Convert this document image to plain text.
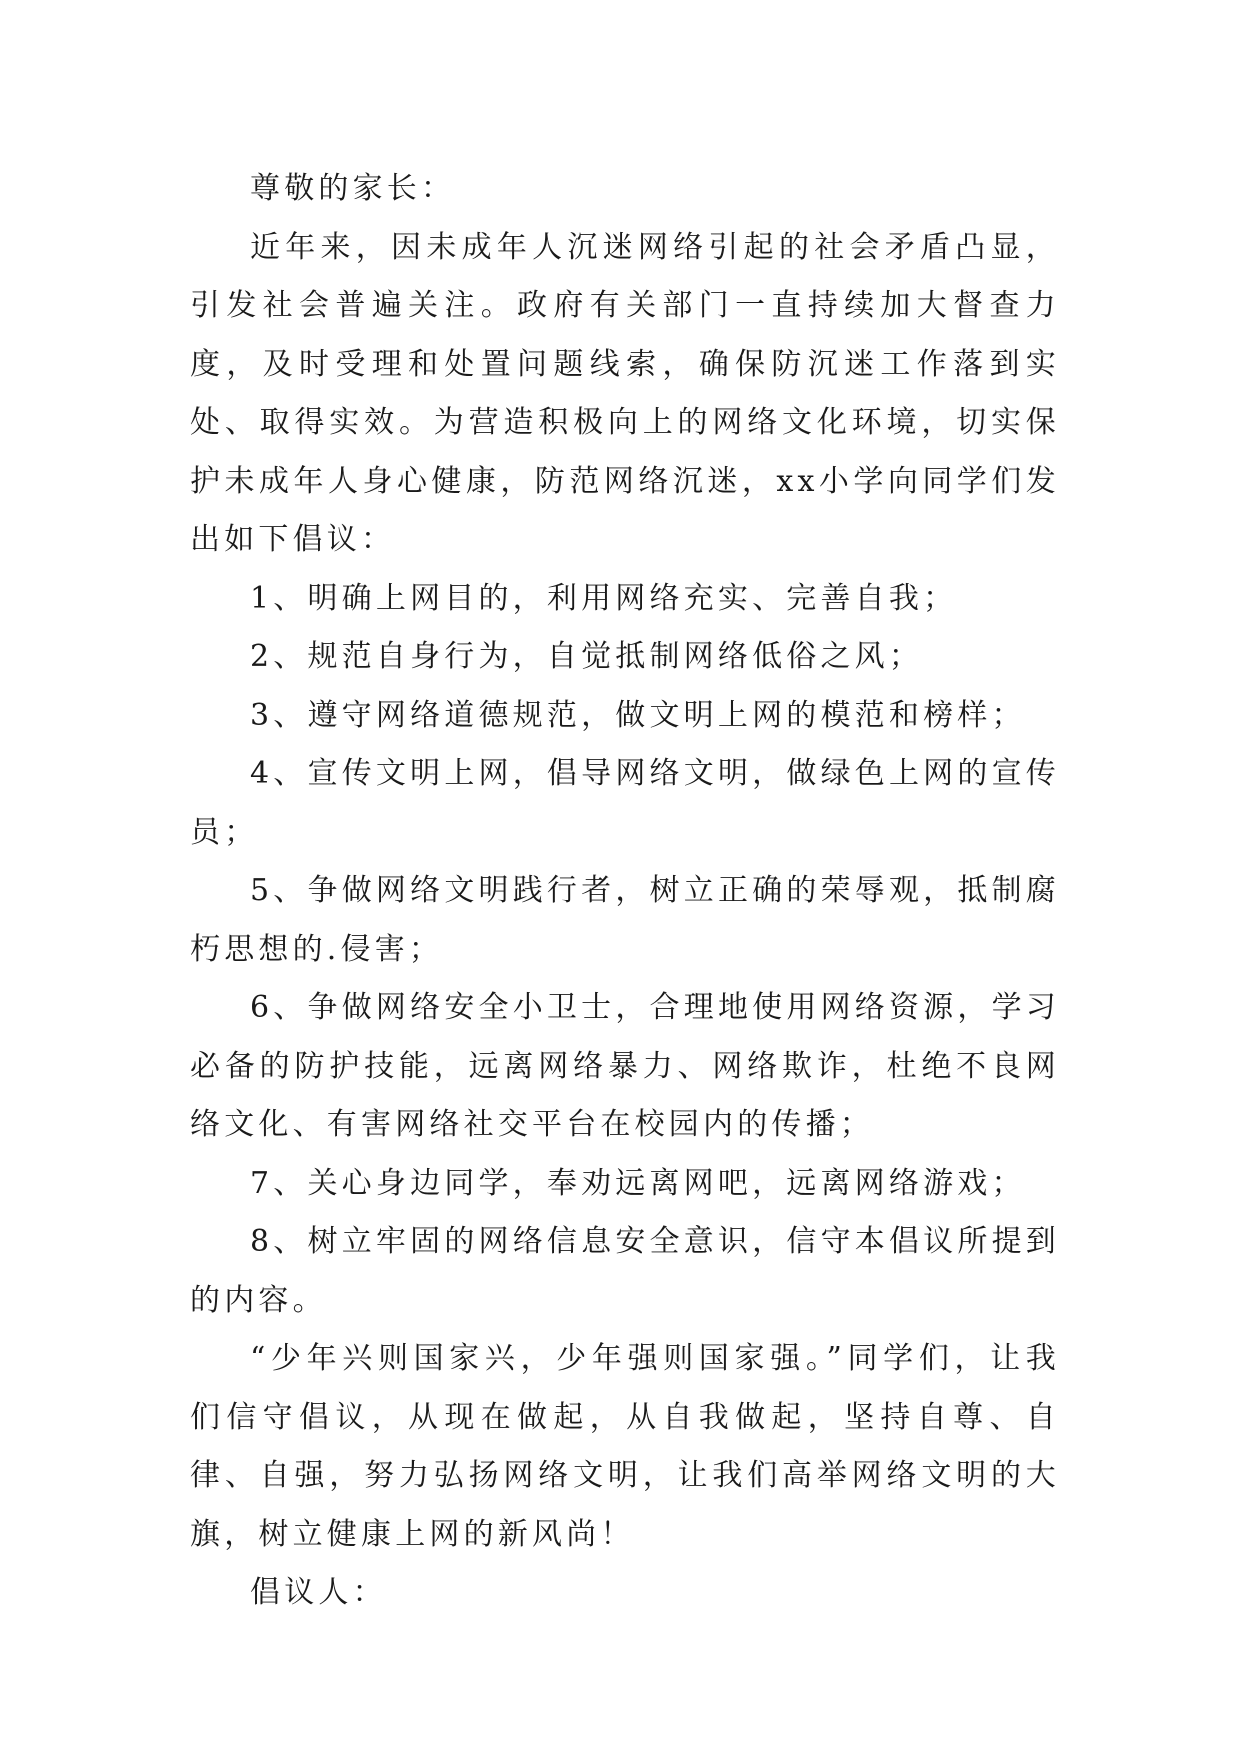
尊敬的家长：

近年来，因未成年人沉迷网络引起的社会矛盾凸显，引发社会普遍关注。政府有关部门一直持续加大督查力度，及时受理和处置问题线索，确保防沉迷工作落到实处、取得实效。为营造积极向上的网络文化环境，切实保护未成年人身心健康，防范网络沉迷，xx小学向同学们发出如下倡议：

1、明确上网目的，利用网络充实、完善自我；

2、规范自身行为，自觉抵制网络低俗之风；

3、遵守网络道德规范，做文明上网的模范和榜样；

4、宣传文明上网，倡导网络文明，做绿色上网的宣传员；

5、争做网络文明践行者，树立正确的荣辱观，抵制腐朽思想的.侵害；

6、争做网络安全小卫士，合理地使用网络资源，学习必备的防护技能，远离网络暴力、网络欺诈，杜绝不良网络文化、有害网络社交平台在校园内的传播；

7、关心身边同学，奉劝远离网吧，远离网络游戏；

8、树立牢固的网络信息安全意识，信守本倡议所提到的内容。

“少年兴则国家兴，少年强则国家强。”同学们，让我们信守倡议，从现在做起，从自我做起，坚持自尊、自律、自强，努力弘扬网络文明，让我们高举网络文明的大旗，树立健康上网的新风尚！

倡议人：
